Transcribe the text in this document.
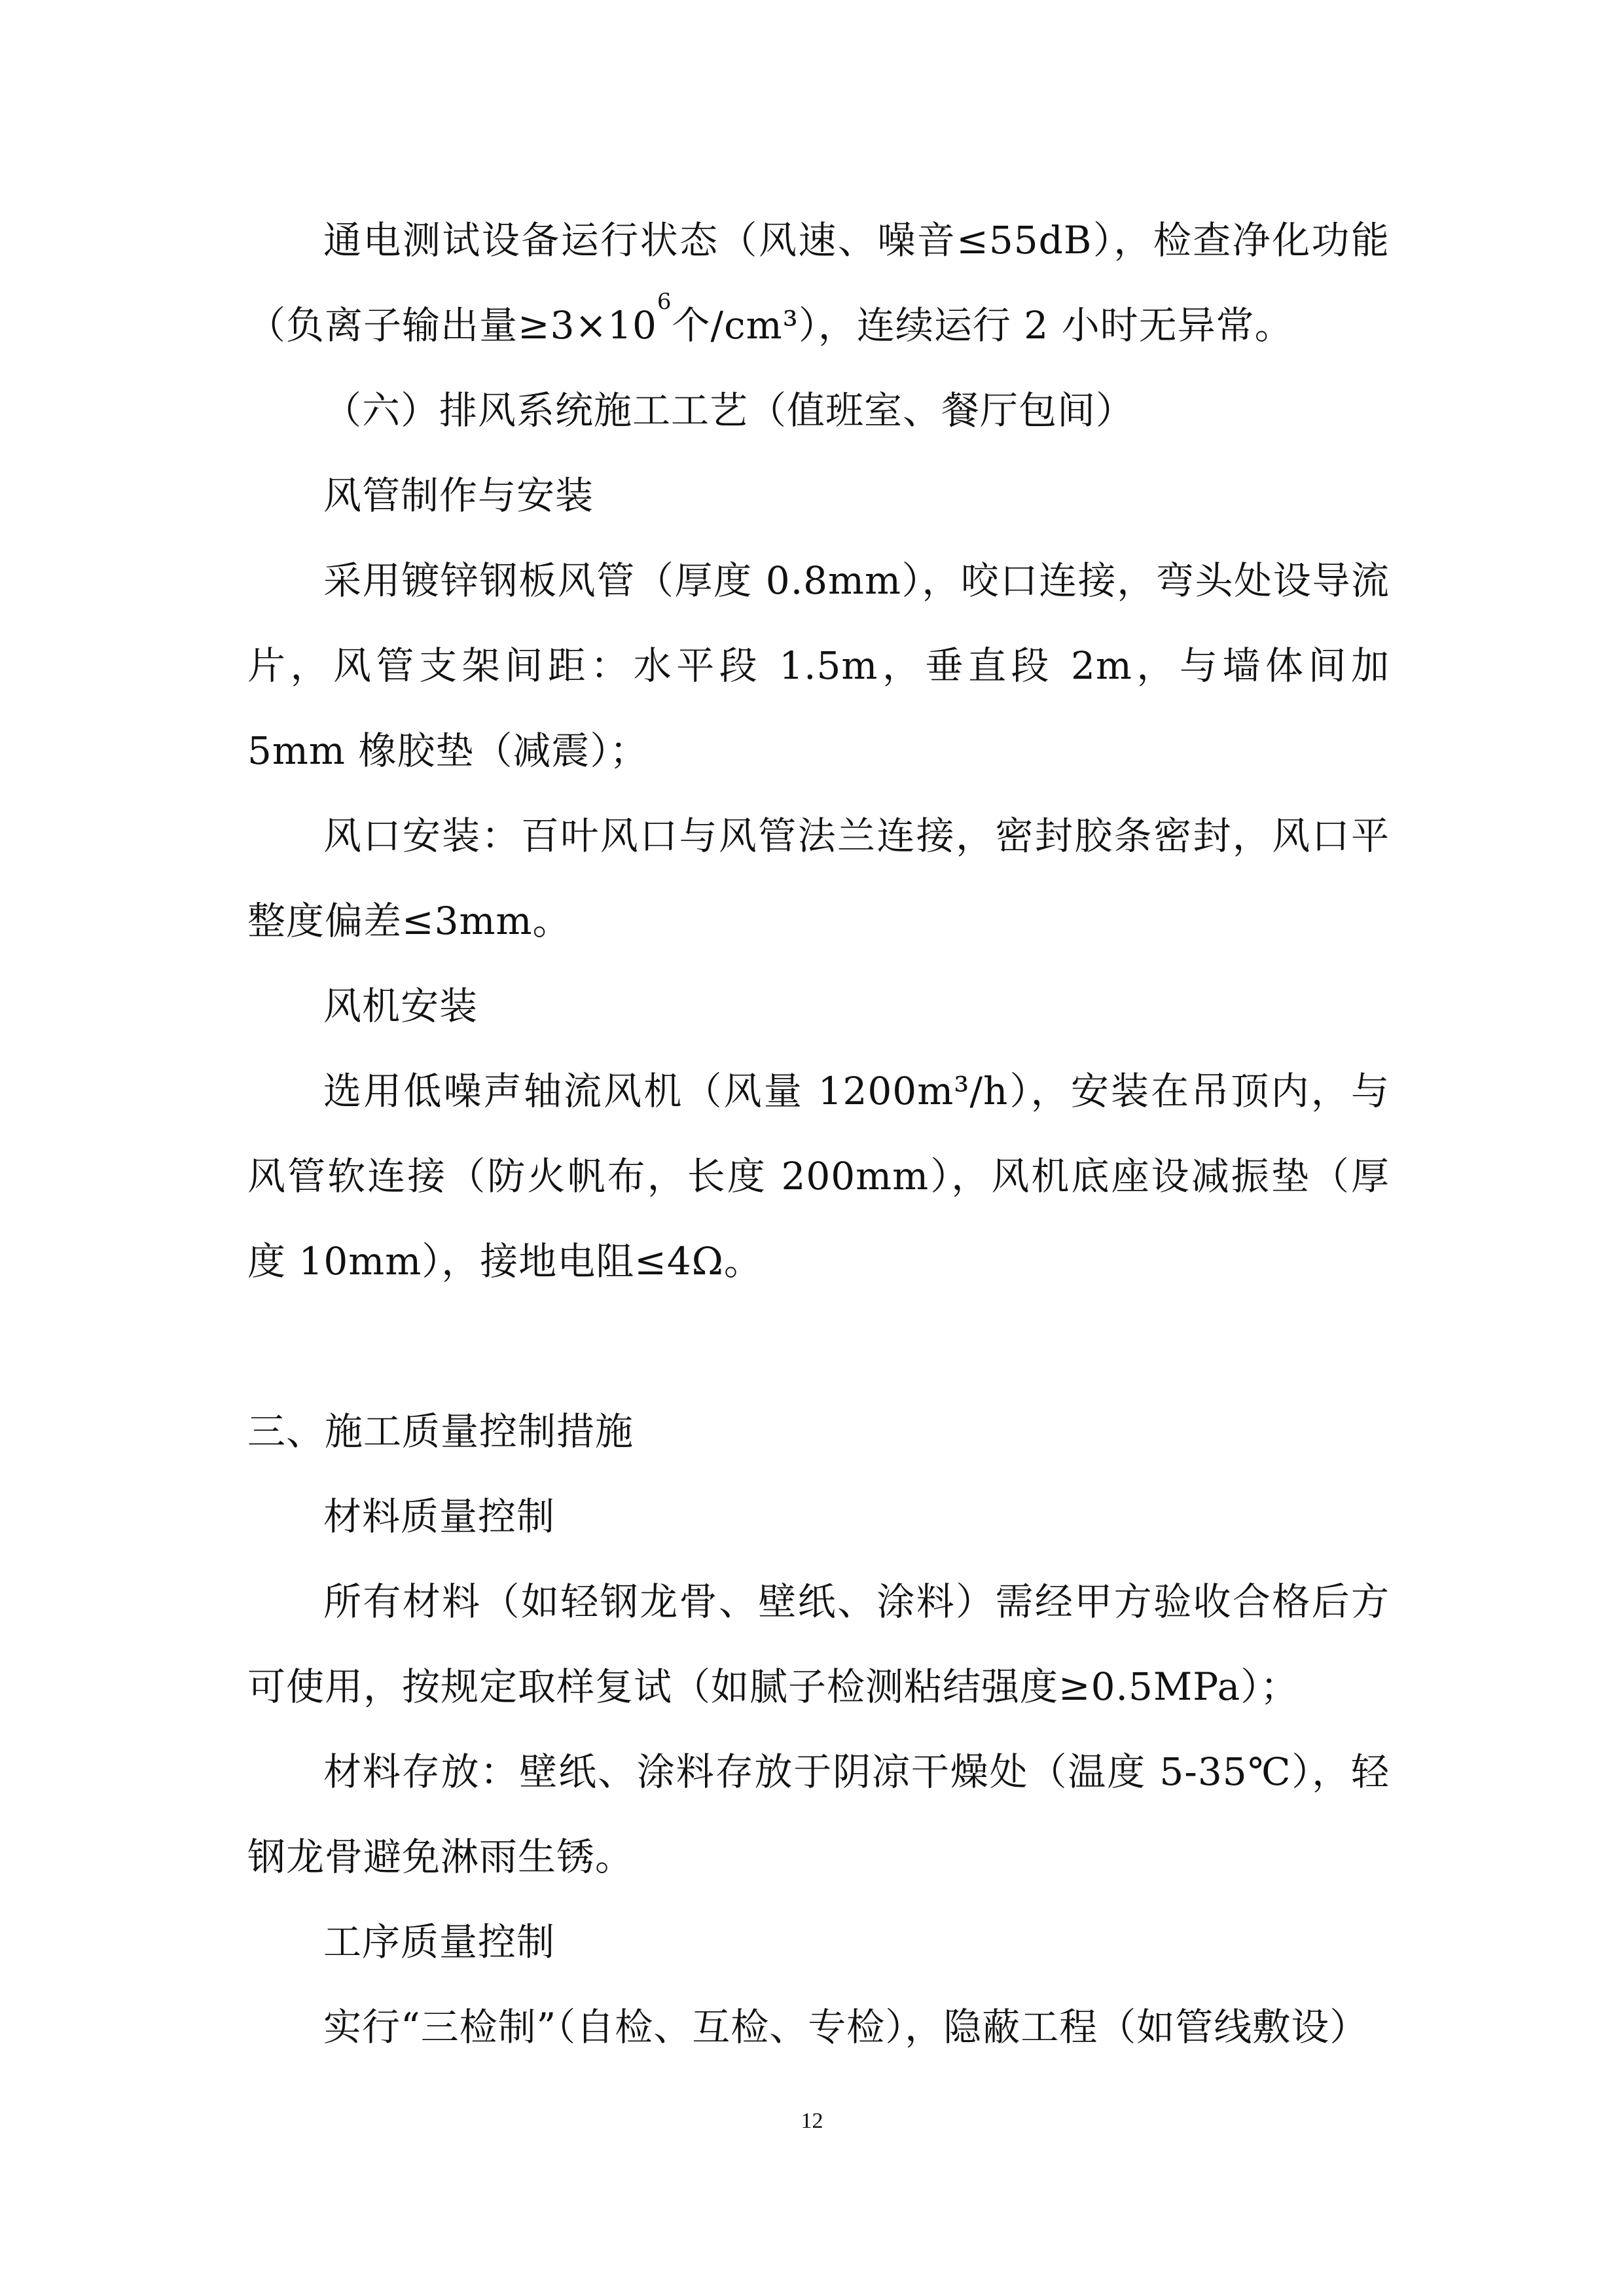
通电测试设备运行状态（风速、噪音≤55dB），检查净化功能（负离子输出量$\ge 3\times 10^6$个/cm³），连续运行 2 小时无异常。

（六）排风系统施工工艺（值班室、餐厅包间）

风管制作与安装

采用镀锌钢板风管（厚度 0.8mm），咬口连接，弯头处设导流片，风管支架间距：水平段 1.5m，垂直段 2m，与墙体间加 5mm 橡胶垫（减震）；

风口安装：百叶风口与风管法兰连接，密封胶条密封，风口平整度偏差≤3mm。

风机安装

选用低噪声轴流风机（风量 1200m³/h），安装在吊顶内，与风管软连接（防火帆布，长度 200mm），风机底座设减振垫（厚度 10mm），接地电阻≤4Ω。

三、施工质量控制措施

材料质量控制

所有材料（如轻钢龙骨、壁纸、涂料）需经甲方验收合格后方可使用，按规定取样复试（如腻子检测粘结强度≥0.5MPa）；

材料存放：壁纸、涂料存放于阴凉干燥处（温度 5-35℃），轻钢龙骨避免淋雨生锈。

工序质量控制

实行“三检制”（自检、互检、专检），隐蔽工程（如管线敷设）

12
